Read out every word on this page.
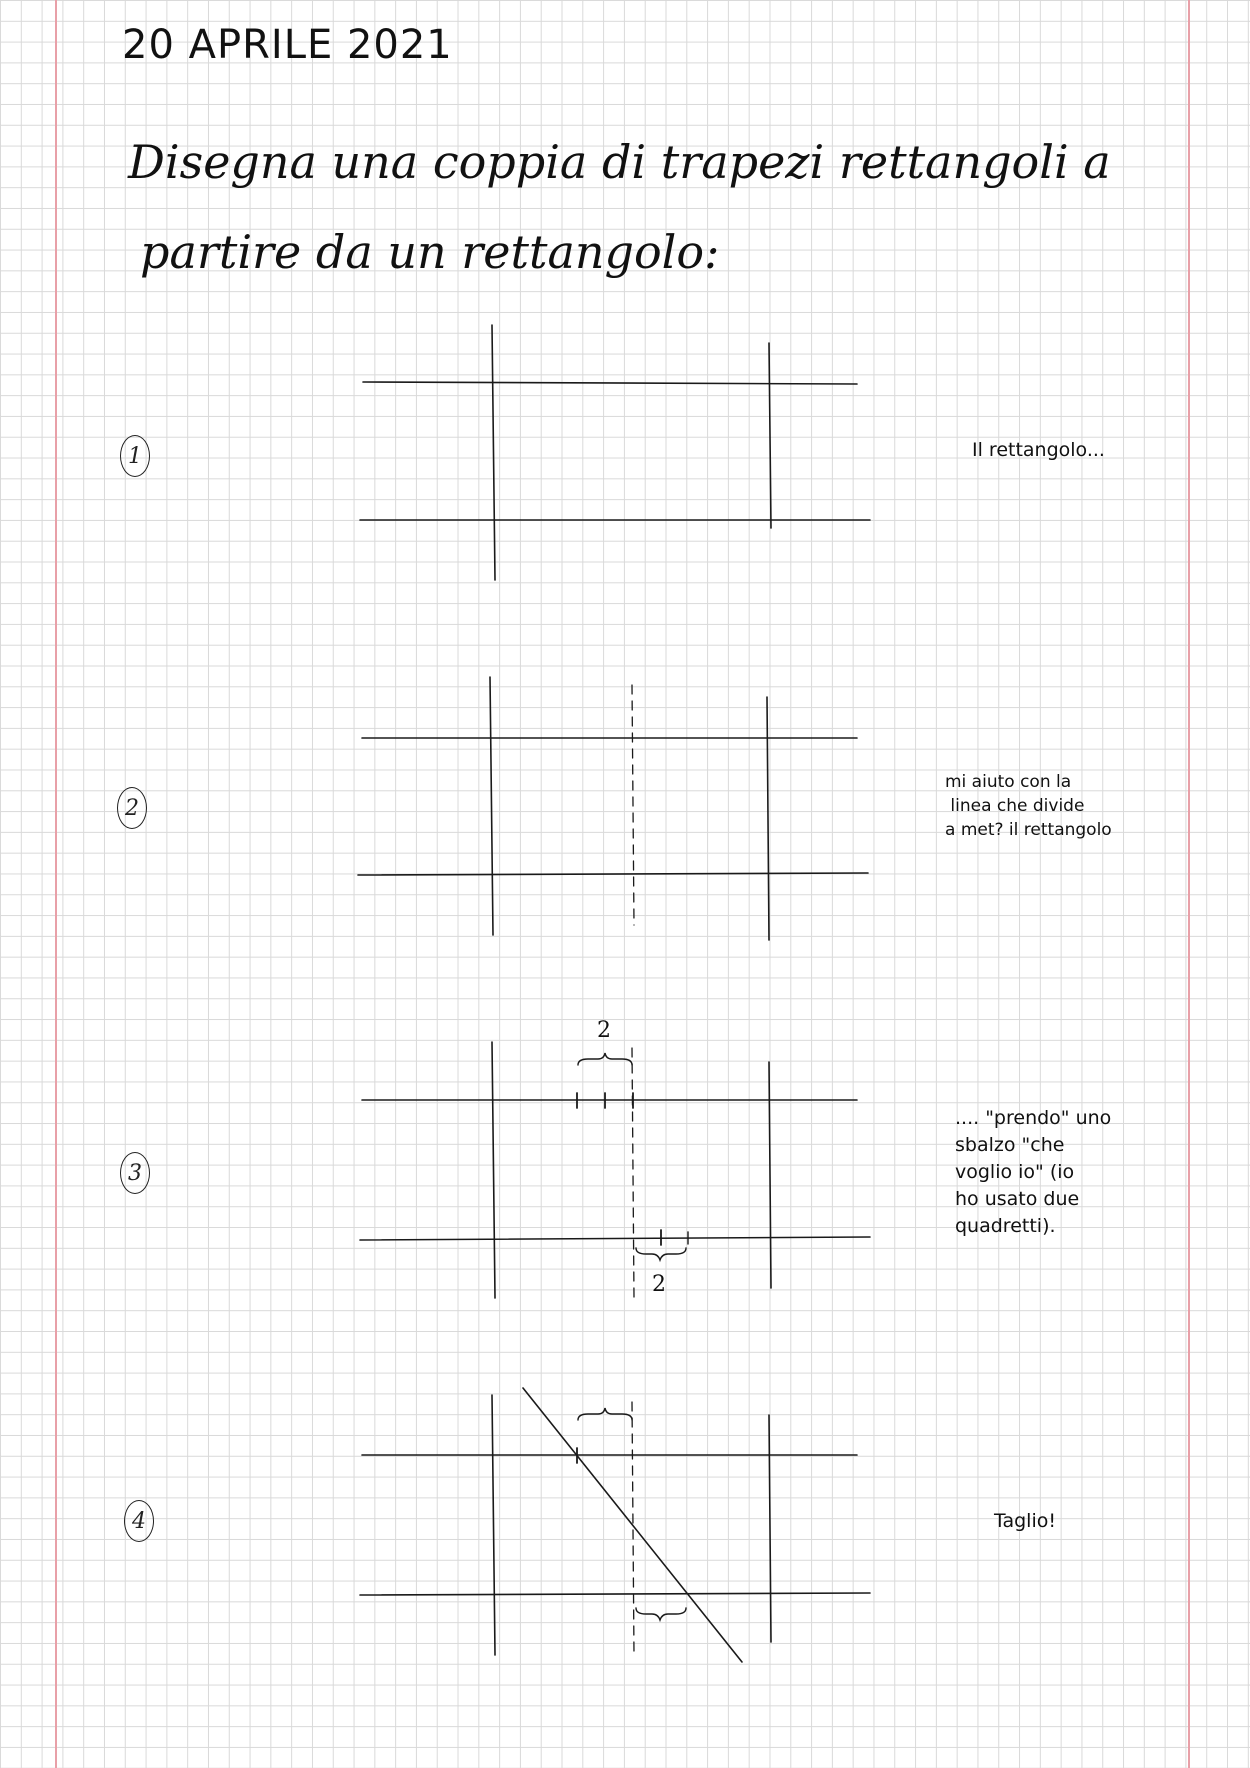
20 APRILE 2021
Disegna una coppia di trapezi rettangoli a
partire da un rettangolo:
1	Il rettangolo...
2
mi aiuto con la
linea che divide
a met? il rettangolo
3
2
2
.... "prendo" uno
sbalzo "che
voglio io" (io
ho usato due
quadretti).
4	Taglio!
